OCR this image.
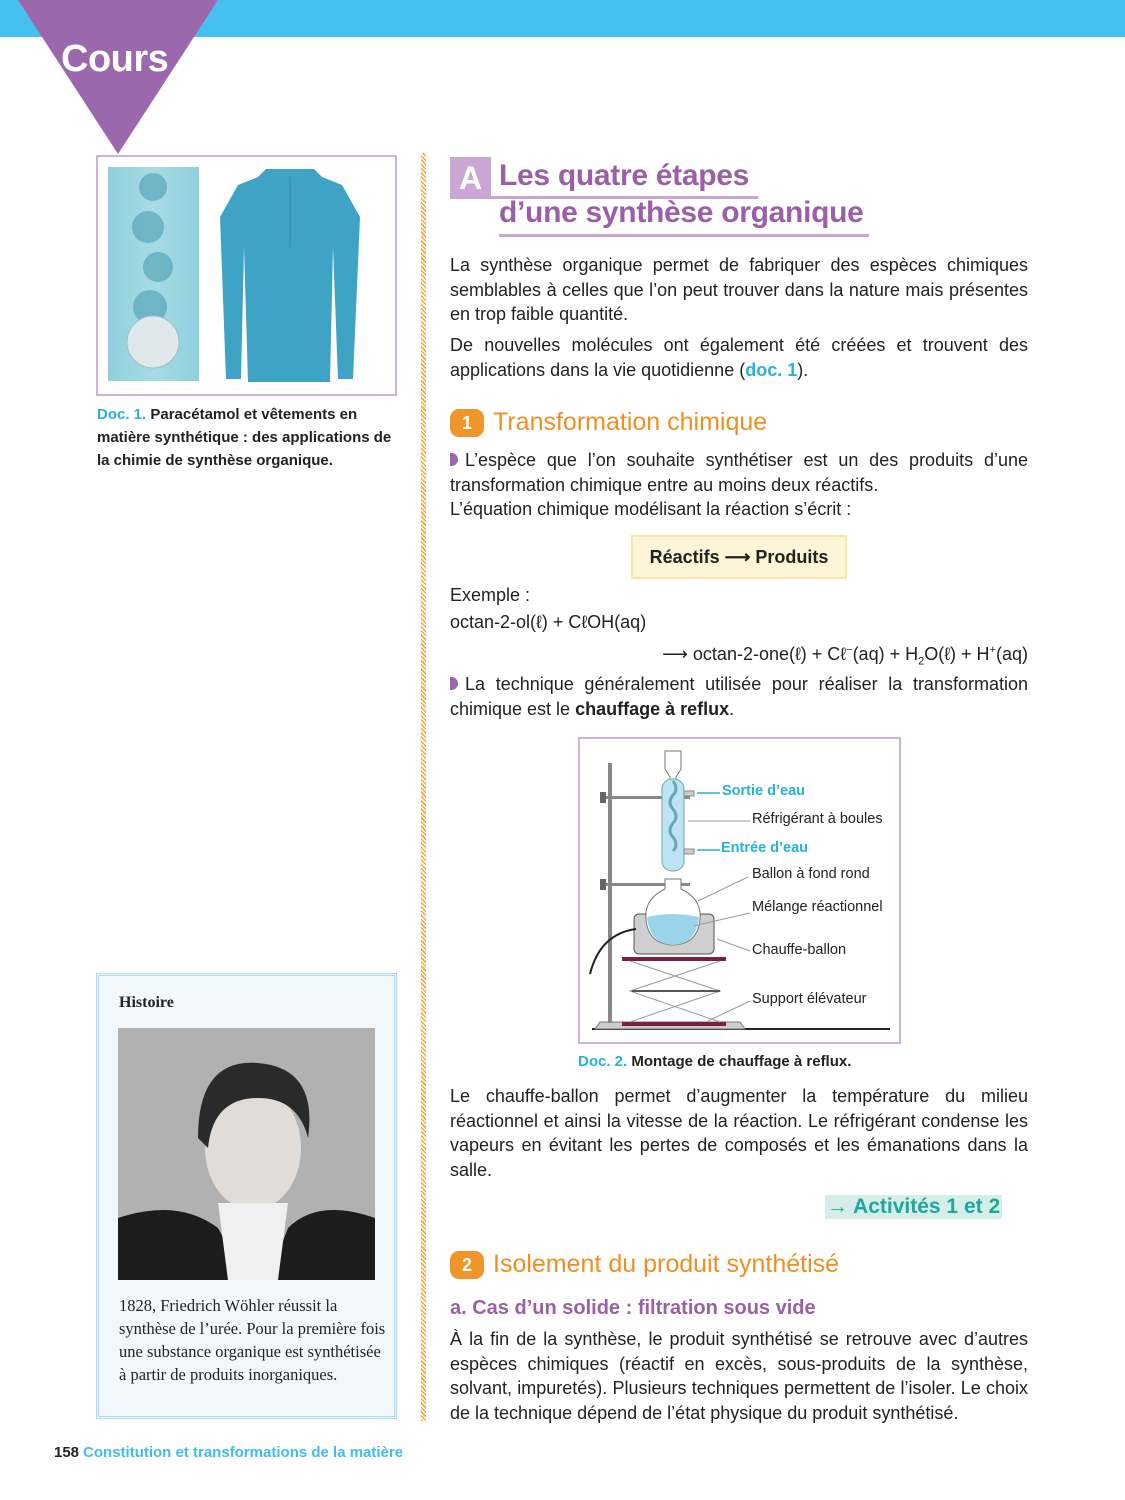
Cours
Doc. 1. Paracétamol et vêtements en matière synthétique : des applications de la chimie de synthèse organique.
Histoire
1828, Friedrich Wöhler réussit la synthèse de l’urée. Pour la première fois une substance organique est synthétisée à partir de produits inorganiques.
158 Constitution et transformations de la matière
A Les quatre étapes
d’une synthèse organique
La synthèse organique permet de fabriquer des espèces chimiques semblables à celles que l’on peut trouver dans la nature mais présentes en trop faible quantité.
De nouvelles molécules ont également été créées et trouvent des applications dans la vie quotidienne (doc. 1).
1 Transformation chimique
L’espèce que l’on souhaite synthétiser est un des produits d’une transformation chimique entre au moins deux réactifs.
L’équation chimique modélisant la réaction s’écrit :
Réactifs ⟶ Produits
Exemple :
octan-2-ol(ℓ) + CℓOH(aq)
⟶ octan-2-one(ℓ) + Cℓ−(aq) + $H_2O(\ell) + H^+(aq)$
La technique généralement utilisée pour réaliser la transformation chimique est le chauffage à reflux.
Sortie d’eau
Réfrigérant à boules
Entrée d’eau
Ballon à fond rond
Mélange réactionnel
Chauffe-ballon
Support élévateur
Doc. 2. Montage de chauffage à reflux.
Le chauffe-ballon permet d’augmenter la température du milieu réactionnel et ainsi la vitesse de la réaction. Le réfrigérant condense les vapeurs en évitant les pertes de composés et les émanations dans la salle.
→ Activités 1 et 2
2 Isolement du produit synthétisé
a. Cas d’un solide : filtration sous vide
À la fin de la synthèse, le produit synthétisé se retrouve avec d’autres espèces chimiques (réactif en excès, sous-produits de la synthèse, solvant, impuretés). Plusieurs techniques permettent de l’isoler. Le choix de la technique dépend de l’état physique du produit synthétisé.
